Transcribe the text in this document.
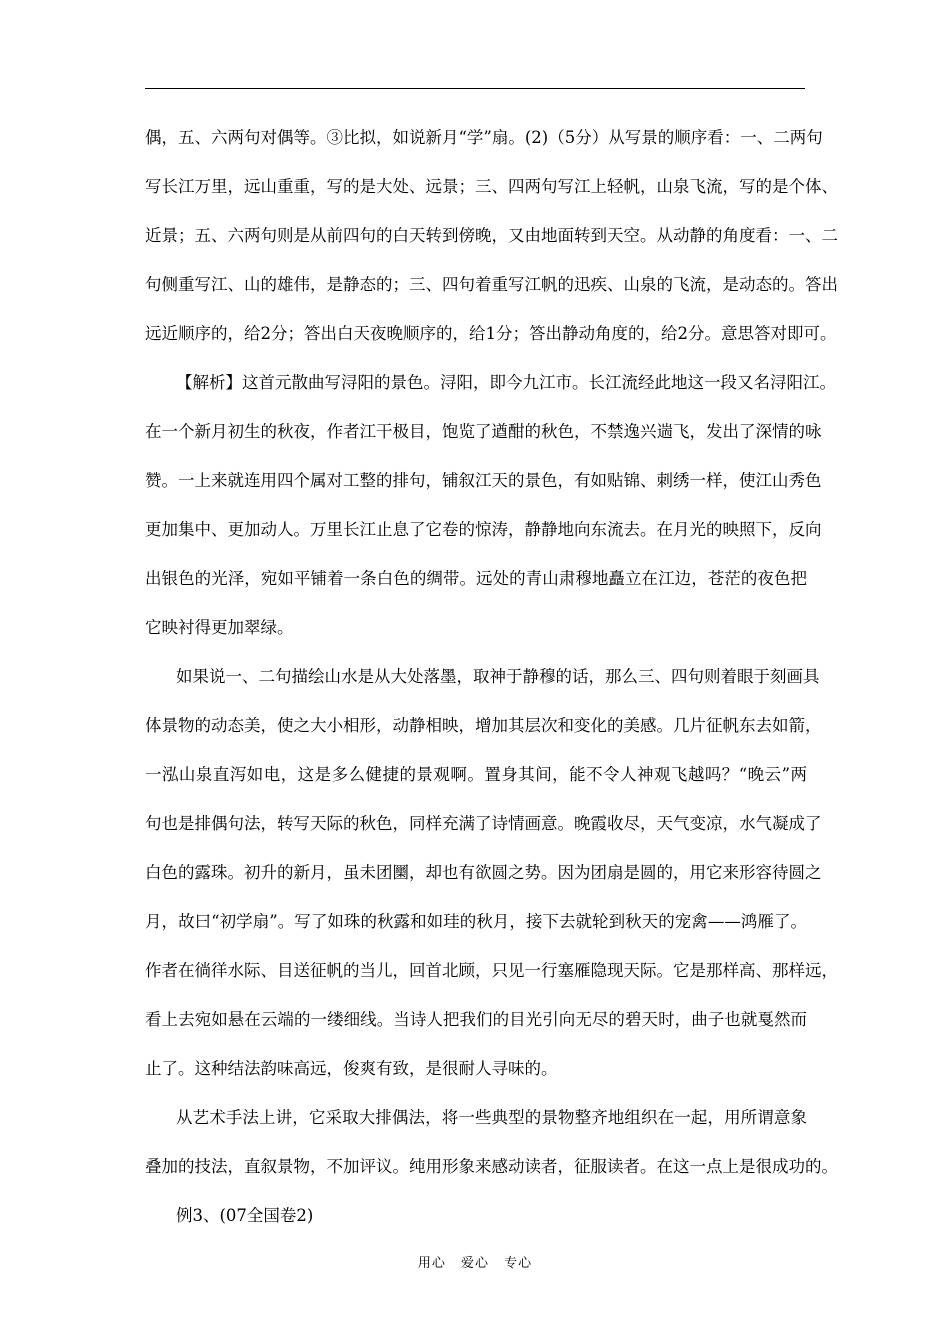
偶，五、六两句对偶等。③比拟，如说新月“学”扇。(2)（5分）从写景的顺序看：一、二两句
写长江万里，远山重重，写的是大处、远景；三、四两句写江上轻帆，山泉飞流，写的是个体、
近景；五、六两句则是从前四句的白天转到傍晚，又由地面转到天空。从动静的角度看：一、二
句侧重写江、山的雄伟，是静态的；三、四句着重写江帆的迅疾、山泉的飞流，是动态的。答出
远近顺序的，给2分；答出白天夜晚顺序的，给1分；答出静动角度的，给2分。意思答对即可。
【解析】这首元散曲写浔阳的景色。浔阳，即今九江市。长江流经此地这一段又名浔阳江。
在一个新月初生的秋夜，作者江干极目，饱览了遒酣的秋色，不禁逸兴遄飞，发出了深情的咏
赞。一上来就连用四个属对工整的排句，铺叙江天的景色，有如贴锦、刺绣一样，使江山秀色
更加集中、更加动人。万里长江止息了它卷的惊涛，静静地向东流去。在月光的映照下，反向
出银色的光泽，宛如平铺着一条白色的绸带。远处的青山肃穆地矗立在江边，苍茫的夜色把
它映衬得更加翠绿。
如果说一、二句描绘山水是从大处落墨，取神于静穆的话，那么三、四句则着眼于刻画具
体景物的动态美，使之大小相形，动静相映，增加其层次和变化的美感。几片征帆东去如箭，
一泓山泉直泻如电，这是多么健捷的景观啊。置身其间，能不令人神观飞越吗？“晚云”两
句也是排偶句法，转写天际的秋色，同样充满了诗情画意。晚霞收尽，天气变凉，水气凝成了
白色的露珠。初升的新月，虽未团圞，却也有欲圆之势。因为团扇是圆的，用它来形容待圆之
月，故曰“初学扇”。写了如珠的秋露和如珪的秋月，接下去就轮到秋天的宠禽——鸿雁了。
作者在徜徉水际、目送征帆的当儿，回首北顾，只见一行塞雁隐现天际。它是那样高、那样远，
看上去宛如悬在云端的一缕细线。当诗人把我们的目光引向无尽的碧天时，曲子也就戛然而
止了。这种结法韵味高远，俊爽有致，是很耐人寻味的。
从艺术手法上讲，它采取大排偶法，将一些典型的景物整齐地组织在一起，用所谓意象
叠加的技法，直叙景物，不加评议。纯用形象来感动读者，征服读者。在这一点上是很成功的。
例3、(07全国卷2)
用心 爱心 专心
